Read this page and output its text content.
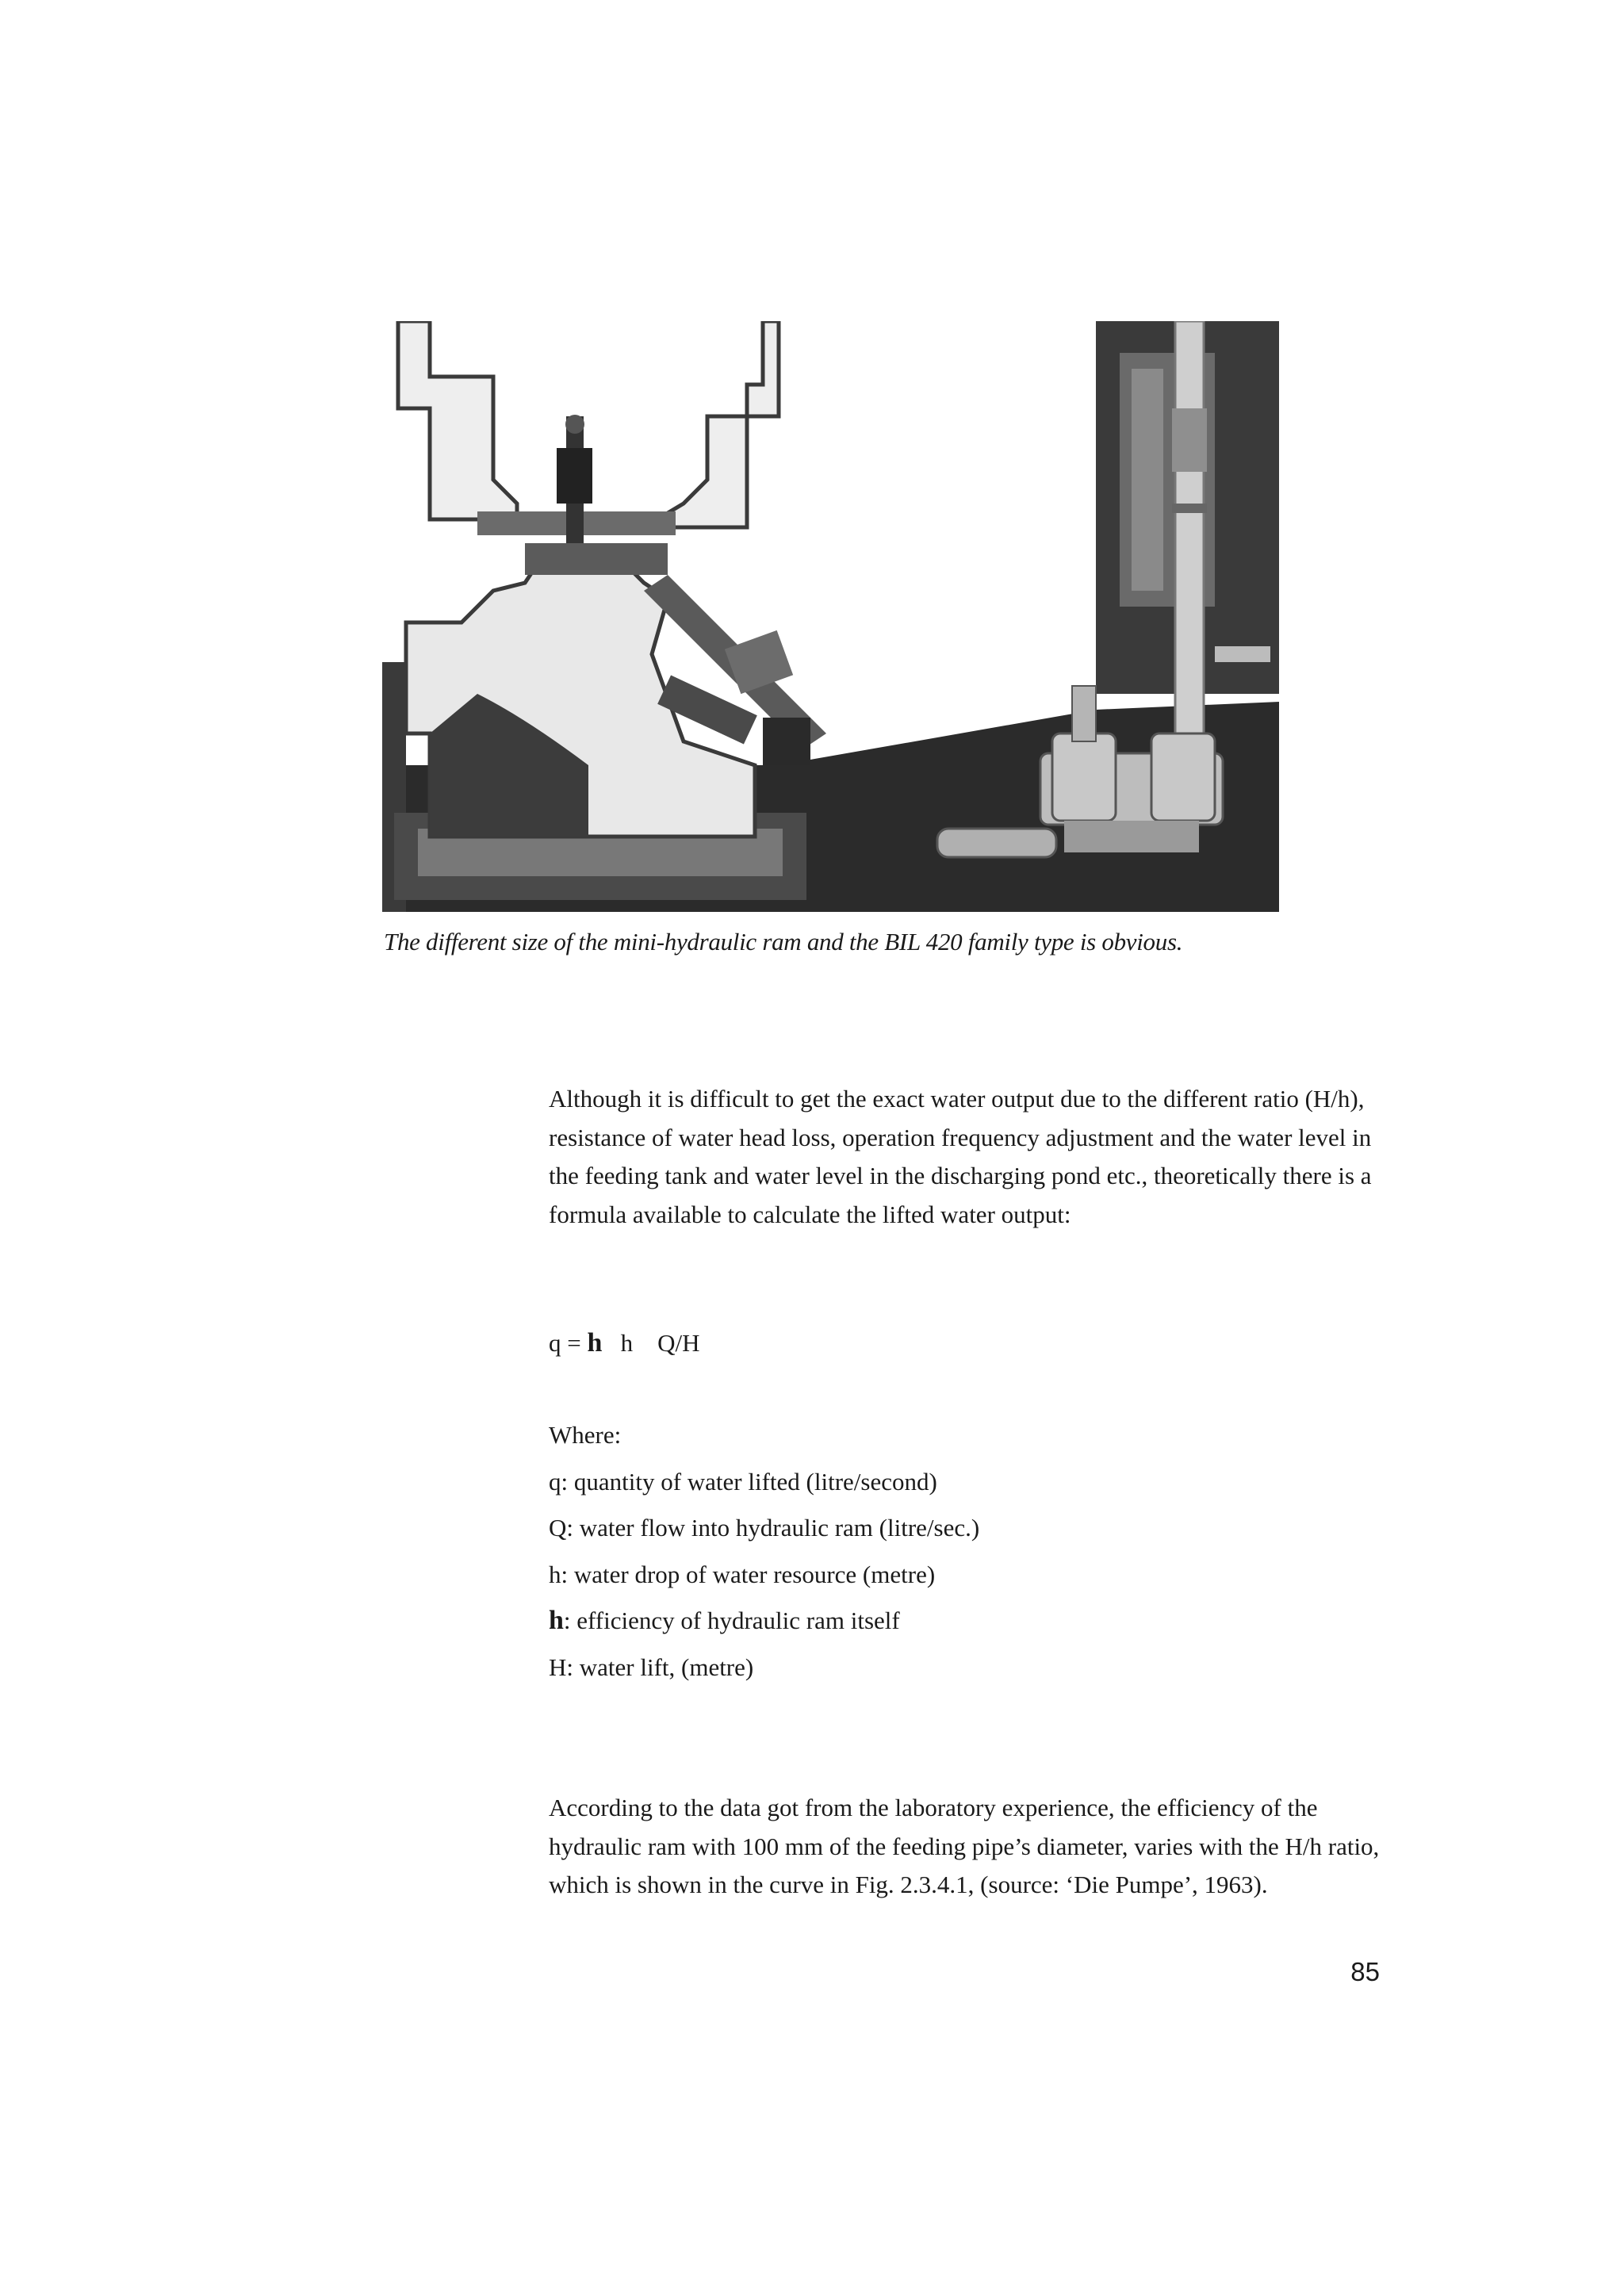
The different size of the mini-hydraulic ram and the BIL 420 family type is obvious.
Although it is difficult to get the exact water output due to the different ratio (H/h), resistance of water head loss, operation frequency adjustment and the water level in the feeding tank and water level in the discharging pond etc., theoretically there is a formula available to calculate the lifted water output:
q = h   h    Q/H
Where:
q: quantity of water lifted (litre/second)
Q: water flow into hydraulic ram (litre/sec.)
h: water drop of water resource (metre)
h: efficiency of hydraulic ram itself
H: water lift, (metre)
According to the data got from the laboratory experience, the efficiency of the hydraulic ram with 100 mm of the feeding pipe’s diameter, varies with the H/h ratio, which is shown in the curve in Fig. 2.3.4.1, (source: ‘Die Pumpe’, 1963).
85
